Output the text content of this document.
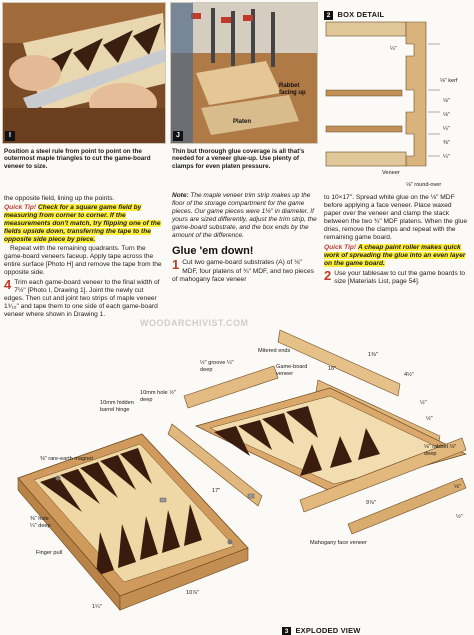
I
Position a steel rule from point to point on the outermost maple triangles to cut the game-board veneer to size.
Rabbet facing up
Platen
J
Thin but thorough glue coverage is all that's needed for a veneer glue-up. Use plenty of clamps for even platen pressure.
2 BOX DETAIL
¼"
⅛" kerf
⅛"
⅛"
¼"
⅜"
¼"
Veneer
⅛" round-over
the opposite field, lining up the points.
Quick Tip! Check for a square game field by measuring from corner to corner. If the measurements don't match, try flipping one of the fields upside down, transferring the tape to the opposite side piece by piece.
Repeat with the remaining quadrants. Turn the game-board veneers faceup. Apply tape across the entire surface [Photo H] and remove the tape from the opposite side.
4 Trim each game-board veneer to the final width of 7½" [Photo I, Drawing 1]. Joint the newly cut edges. Then cut and joint two strips of maple veneer 1⁹⁄₁₆" and tape them to one side of each game-board veneer where shown in Drawing 1.
Note: The maple veneer trim strip makes up the floor of the storage compartment for the game pieces. Our game pieces were 1⅛" in diameter. If yours are sized differently, adjust the trim strip, the game-board substrate, and the box ends by the amount of the difference.
Glue 'em down!
1 Cut two game-board substrates (A) of ⅛" MDF, four platens of ¾" MDF, and two pieces of mahogany face veneer
to 10×17". Spread white glue on the ⅛" MDF before applying a face veneer. Place waxed paper over the veneer and clamp the stack between the two ¾" MDF platens. When the glue dries, remove the clamps and repeat with the remaining game board.
Quick Tip! A cheap paint roller makes quick work of spreading the glue into an even layer on the game board.
2 Use your tablesaw to cut the game boards to size [Materials List, page 54].
WOODARCHIVIST.COM
Mitered ends
Game-board veneer
½" groove ¼" deep
10mm hole ½" deep
10mm hidden barrel hinge
⅜" rare-earth magnet
⅜" hole ¼" deep
Finger pull
Mahogany face veneer
⅛" rabbet ⅛" deep
16"
1⅜"
4½"
½"
½"
17"
9⅞"
10⅞"
1¼"
⅛"
½"
3 EXPLODED VIEW
